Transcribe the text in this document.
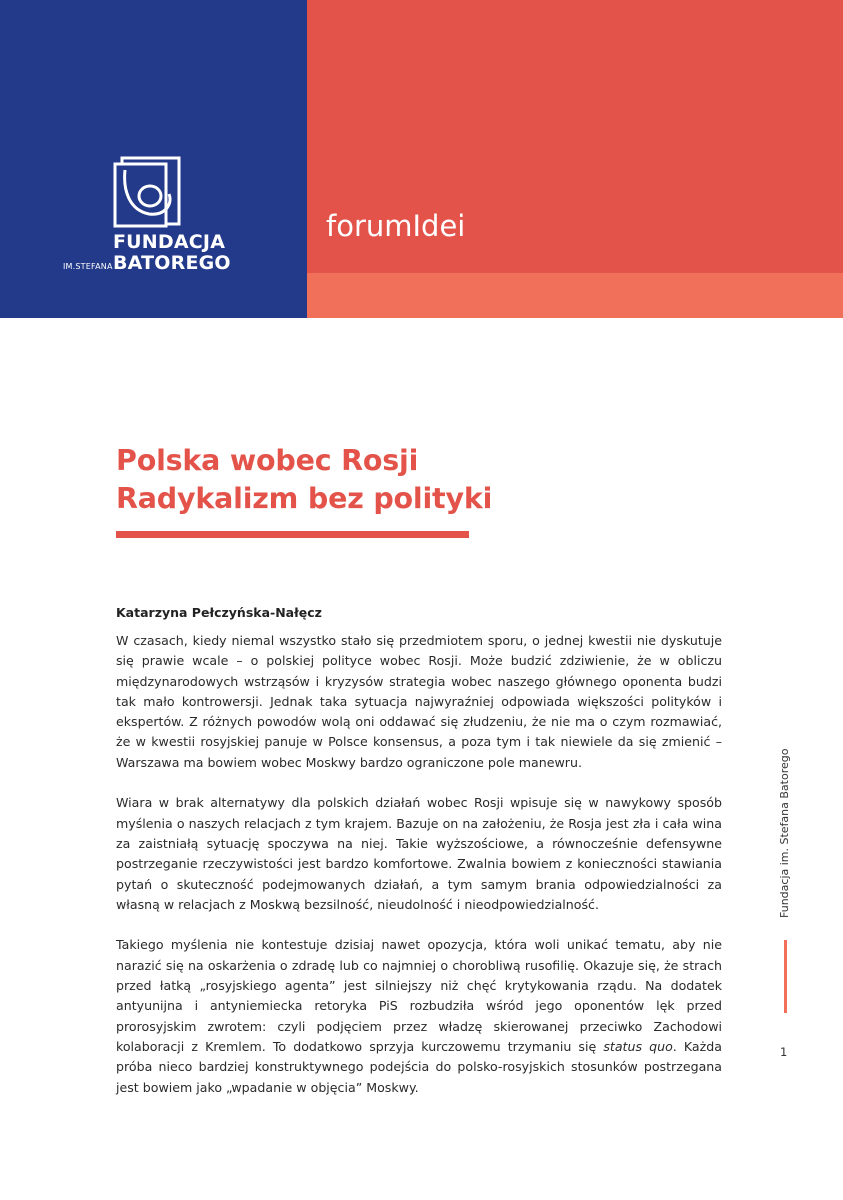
FUNDACJA
IM.STEFANA BATOREGO
forumIdei
Polska wobec Rosji
Radykalizm bez polityki
Katarzyna Pełczyńska-Nałęcz

W czasach, kiedy niemal wszystko stało się przedmiotem sporu, o jednej kwestii nie dyskutuje się prawie wcale – o polskiej polityce wobec Rosji. Może budzić zdziwienie, że w obliczu międzynarodowych wstrząsów i kryzysów strategia wobec naszego głównego oponenta budzi tak mało kontrowersji. Jednak taka sytuacja najwyraźniej odpowiada większości polityków i ekspertów. Z różnych powodów wolą oni oddawać się złudzeniu, że nie ma o czym rozmawiać, że w kwestii rosyjskiej panuje w Polsce konsensus, a poza tym i tak niewiele da się zmienić – Warszawa ma bowiem wobec Moskwy bardzo ograniczone pole manewru.

Wiara w brak alternatywy dla polskich działań wobec Rosji wpisuje się w nawykowy sposób myślenia o naszych relacjach z tym krajem. Bazuje on na założeniu, że Rosja jest zła i cała wina za zaistniałą sytuację spoczywa na niej. Takie wyższościowe, a równocześnie defensywne postrzeganie rzeczywistości jest bardzo komfortowe. Zwalnia bowiem z konieczności stawiania pytań o skuteczność podejmowanych działań, a tym samym brania odpowiedzialności za własną w relacjach z Moskwą bezsilność, nieudolność i nieodpowiedzialność.

Takiego myślenia nie kontestuje dzisiaj nawet opozycja, która woli unikać tematu, aby nie narazić się na oskarżenia o zdradę lub co najmniej o chorobliwą rusofilię. Okazuje się, że strach przed łatką „rosyjskiego agenta” jest silniejszy niż chęć krytykowania rządu. Na dodatek antyunijna i antyniemiecka retoryka PiS rozbudziła wśród jego oponentów lęk przed prorosyjskim zwrotem: czyli podjęciem przez władzę skierowanej przeciwko Zachodowi kolaboracji z Kremlem. To dodatkowo sprzyja kurczowemu trzymaniu się status quo. Każda próba nieco bardziej konstruktywnego podejścia do polsko-rosyjskich stosunków postrzegana jest bowiem jako „wpadanie w objęcia” Moskwy.

Fundacja im. Stefana Batorego
1
